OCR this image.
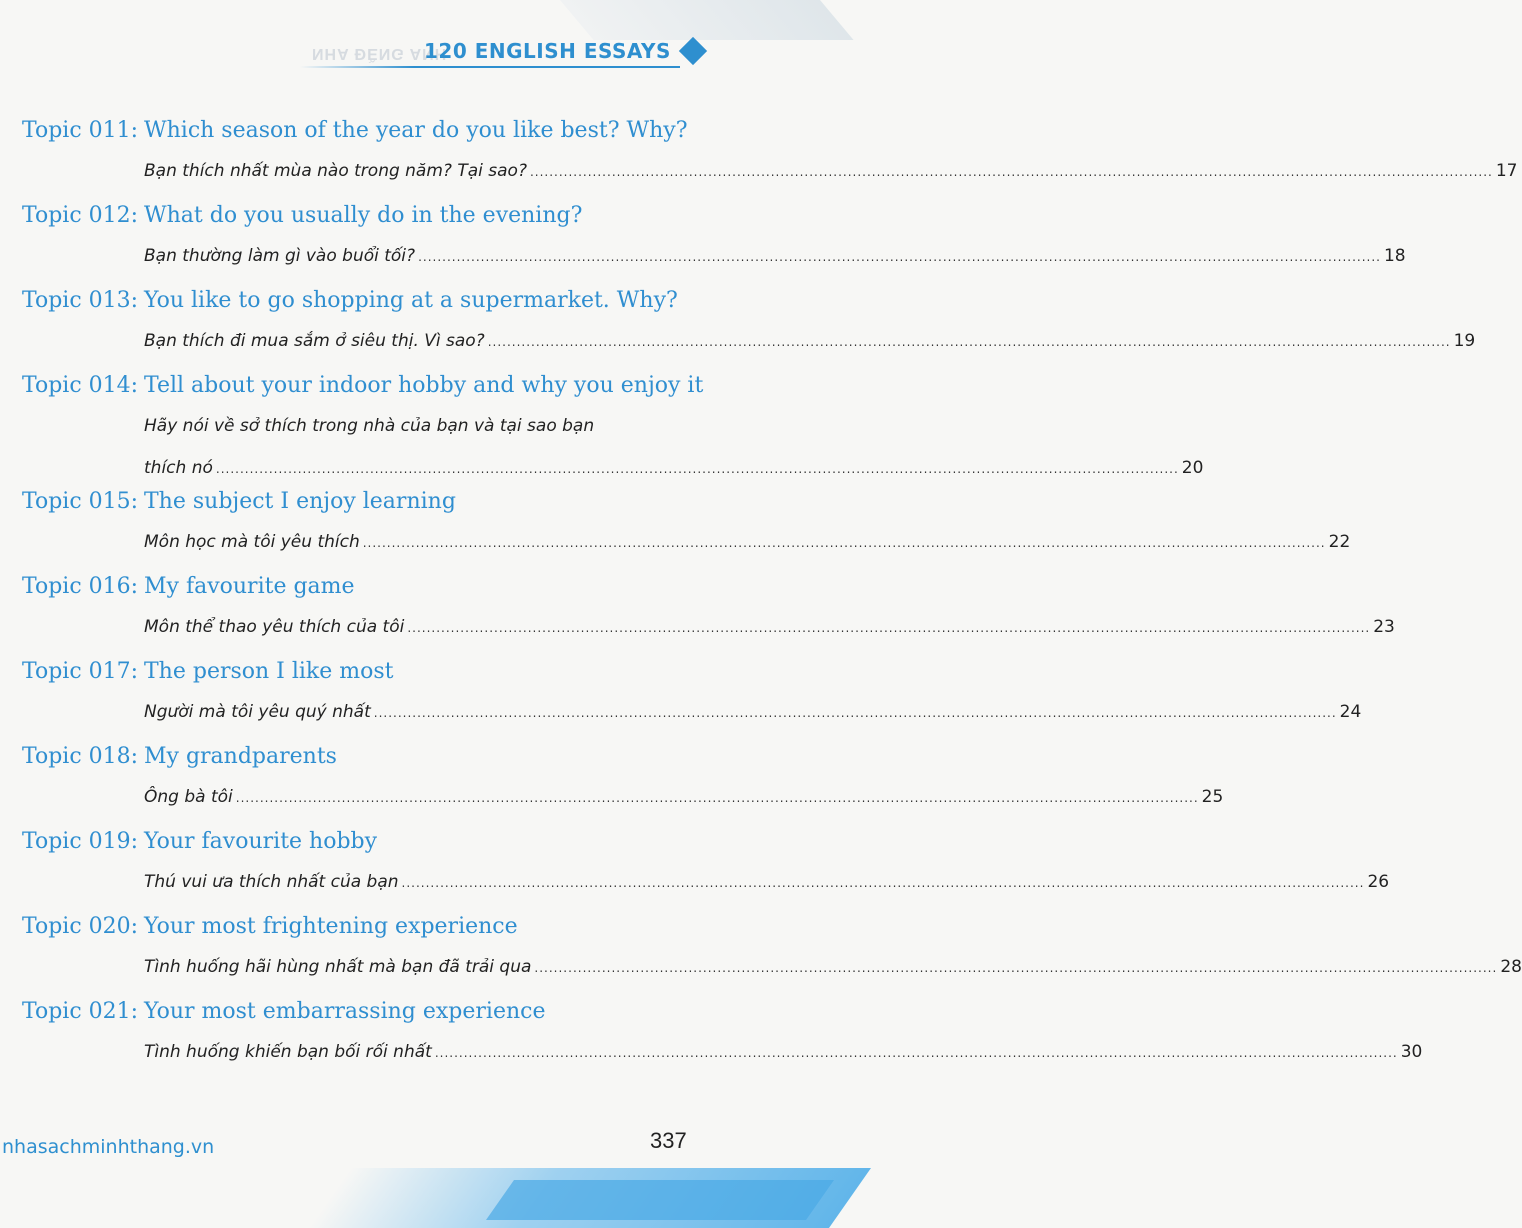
NHA ĐỀNG ANH
120 ENGLISH ESSAYS
Topic 011: Which season of the year do you like best? Why?
Bạn thích nhất mùa nào trong năm? Tại sao? ........................................................................................................................................................................................................ 17
Topic 012: What do you usually do in the evening?
Bạn thường làm gì vào buổi tối? ........................................................................................................................................................................................................ 18
Topic 013: You like to go shopping at a supermarket. Why?
Bạn thích đi mua sắm ở siêu thị. Vì sao? ........................................................................................................................................................................................................ 19
Topic 014: Tell about your indoor hobby and why you enjoy it
Hãy nói về sở thích trong nhà của bạn và tại sao bạn
thích nó ........................................................................................................................................................................................................ 20
Topic 015: The subject I enjoy learning
Môn học mà tôi yêu thích ........................................................................................................................................................................................................ 22
Topic 016: My favourite game
Môn thể thao yêu thích của tôi ........................................................................................................................................................................................................ 23
Topic 017: The person I like most
Người mà tôi yêu quý nhất ........................................................................................................................................................................................................ 24
Topic 018: My grandparents
Ông bà tôi ........................................................................................................................................................................................................ 25
Topic 019: Your favourite hobby
Thú vui ưa thích nhất của bạn ........................................................................................................................................................................................................ 26
Topic 020: Your most frightening experience
Tình huống hãi hùng nhất mà bạn đã trải qua ........................................................................................................................................................................................................ 28
Topic 021: Your most embarrassing experience
Tình huống khiến bạn bối rối nhất ........................................................................................................................................................................................................ 30
nhasachminhthang.vn	337
